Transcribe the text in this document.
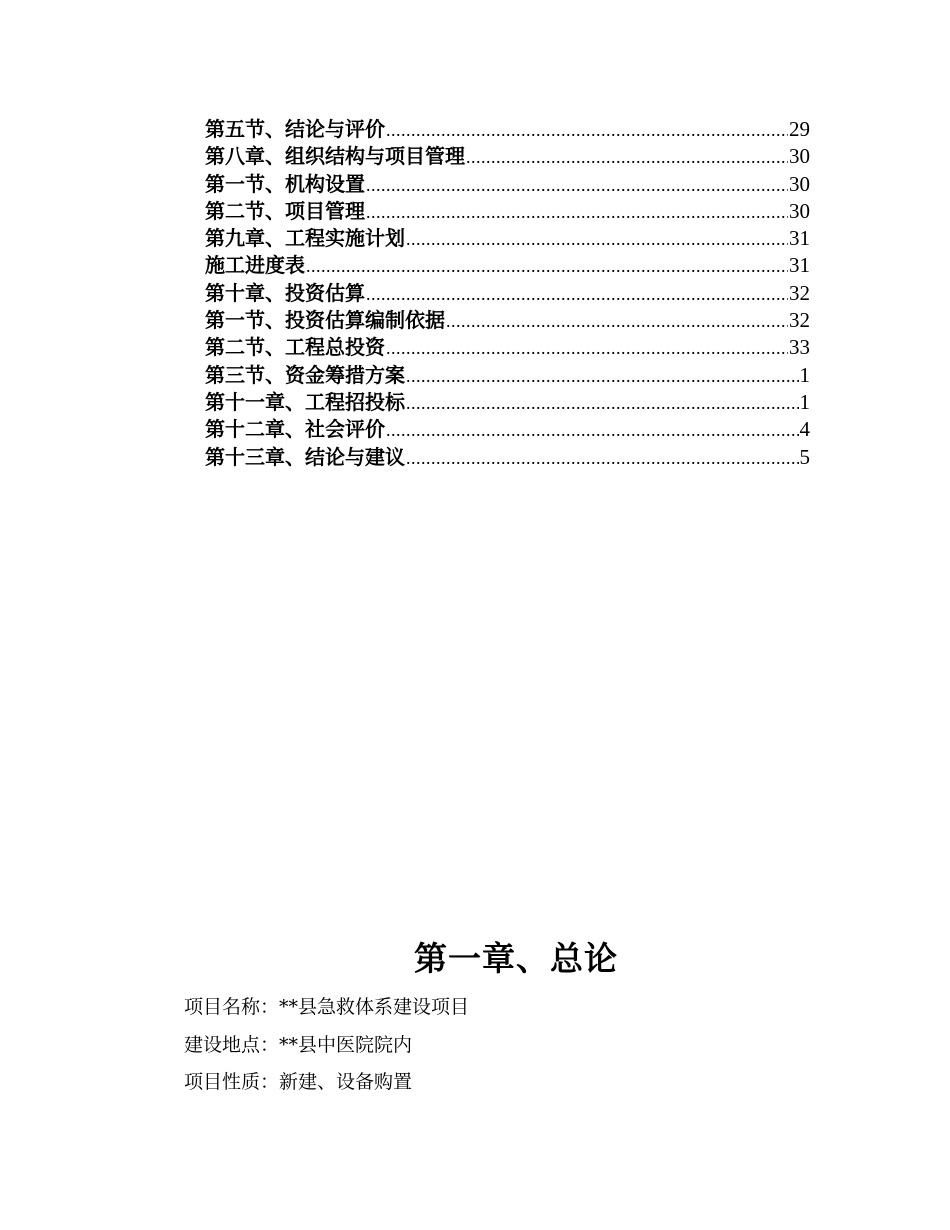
第五节、结论与评价 .....	29
第八章、组织结构与项目管理 .....	30
第一节、机构设置 .....	30
第二节、项目管理 .....	30
第九章、工程实施计划 .....	31
施工进度表 .....	31
第十章、投资估算 .....	32
第一节、投资估算编制依据 .....	32
第二节、工程总投资 .....	33
第三节、资金筹措方案 .....	1
第十一章、工程招投标 .....	1
第十二章、社会评价 .....	4
第十三章、结论与建议 .....	5
第一章、总论
项目名称：**县急救体系建设项目
建设地点：**县中医院院内
项目性质：新建、设备购置
